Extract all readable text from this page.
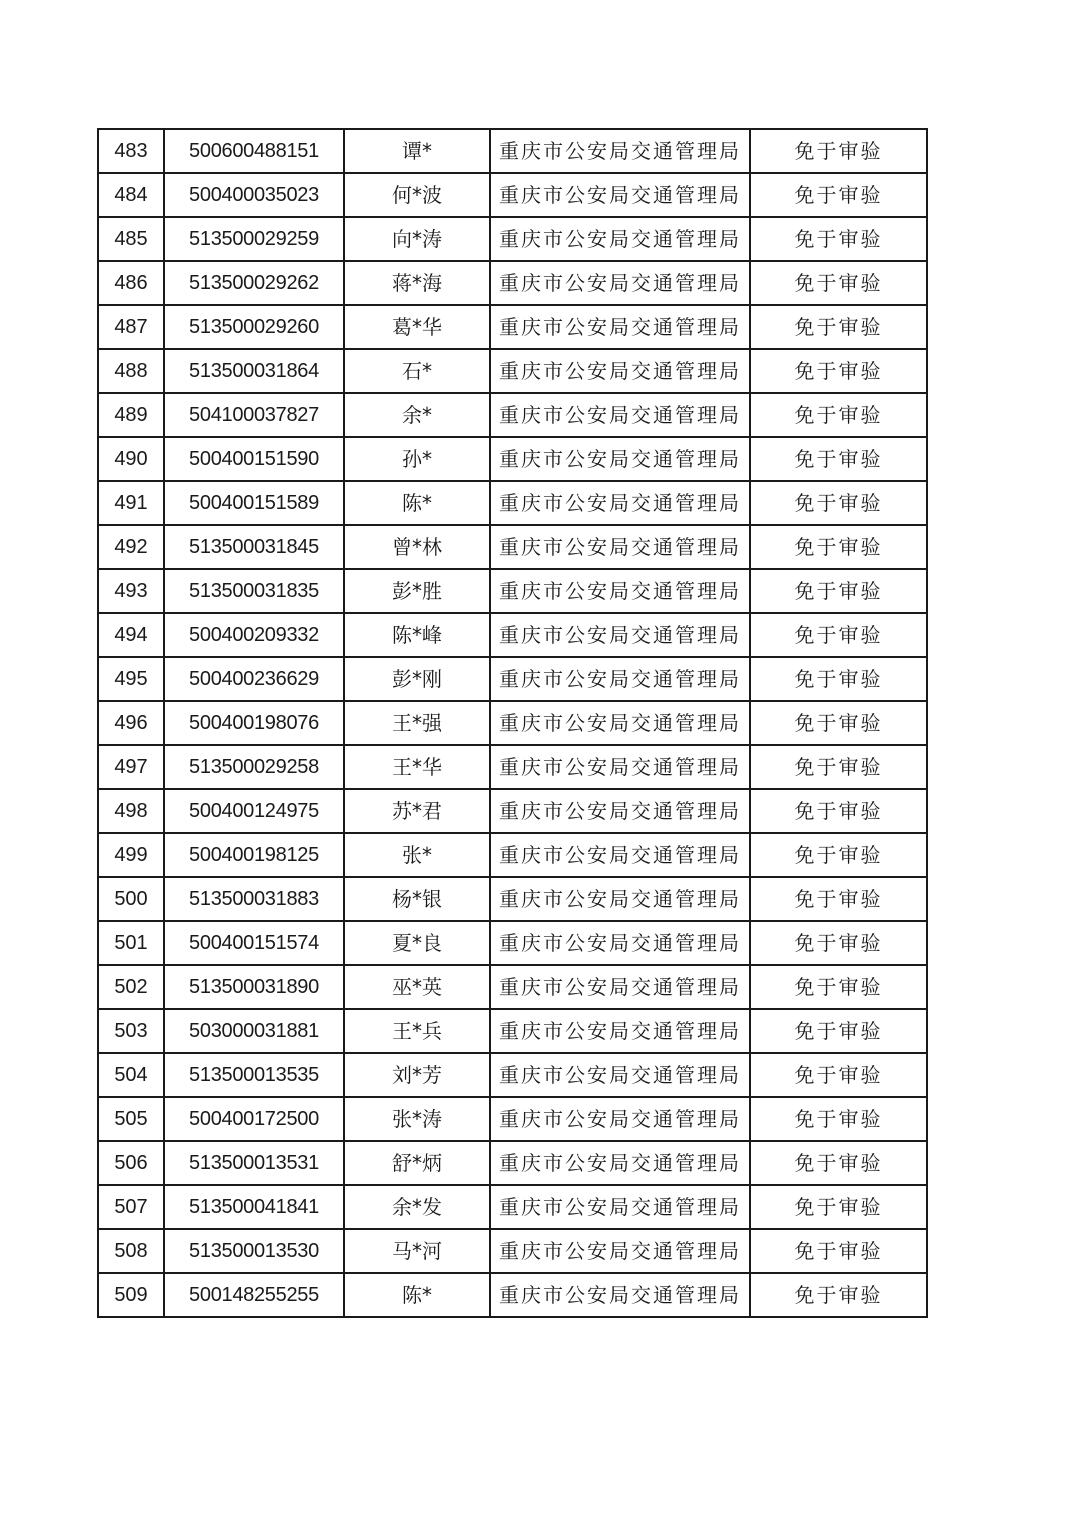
483	500600488151	谭*	重庆市公安局交通管理局	免于审验
484	500400035023	何*波	重庆市公安局交通管理局	免于审验
485	513500029259	向*涛	重庆市公安局交通管理局	免于审验
486	513500029262	蒋*海	重庆市公安局交通管理局	免于审验
487	513500029260	葛*华	重庆市公安局交通管理局	免于审验
488	513500031864	石*	重庆市公安局交通管理局	免于审验
489	504100037827	余*	重庆市公安局交通管理局	免于审验
490	500400151590	孙*	重庆市公安局交通管理局	免于审验
491	500400151589	陈*	重庆市公安局交通管理局	免于审验
492	513500031845	曾*林	重庆市公安局交通管理局	免于审验
493	513500031835	彭*胜	重庆市公安局交通管理局	免于审验
494	500400209332	陈*峰	重庆市公安局交通管理局	免于审验
495	500400236629	彭*刚	重庆市公安局交通管理局	免于审验
496	500400198076	王*强	重庆市公安局交通管理局	免于审验
497	513500029258	王*华	重庆市公安局交通管理局	免于审验
498	500400124975	苏*君	重庆市公安局交通管理局	免于审验
499	500400198125	张*	重庆市公安局交通管理局	免于审验
500	513500031883	杨*银	重庆市公安局交通管理局	免于审验
501	500400151574	夏*良	重庆市公安局交通管理局	免于审验
502	513500031890	巫*英	重庆市公安局交通管理局	免于审验
503	503000031881	王*兵	重庆市公安局交通管理局	免于审验
504	513500013535	刘*芳	重庆市公安局交通管理局	免于审验
505	500400172500	张*涛	重庆市公安局交通管理局	免于审验
506	513500013531	舒*炳	重庆市公安局交通管理局	免于审验
507	513500041841	余*发	重庆市公安局交通管理局	免于审验
508	513500013530	马*河	重庆市公安局交通管理局	免于审验
509	500148255255	陈*	重庆市公安局交通管理局	免于审验
